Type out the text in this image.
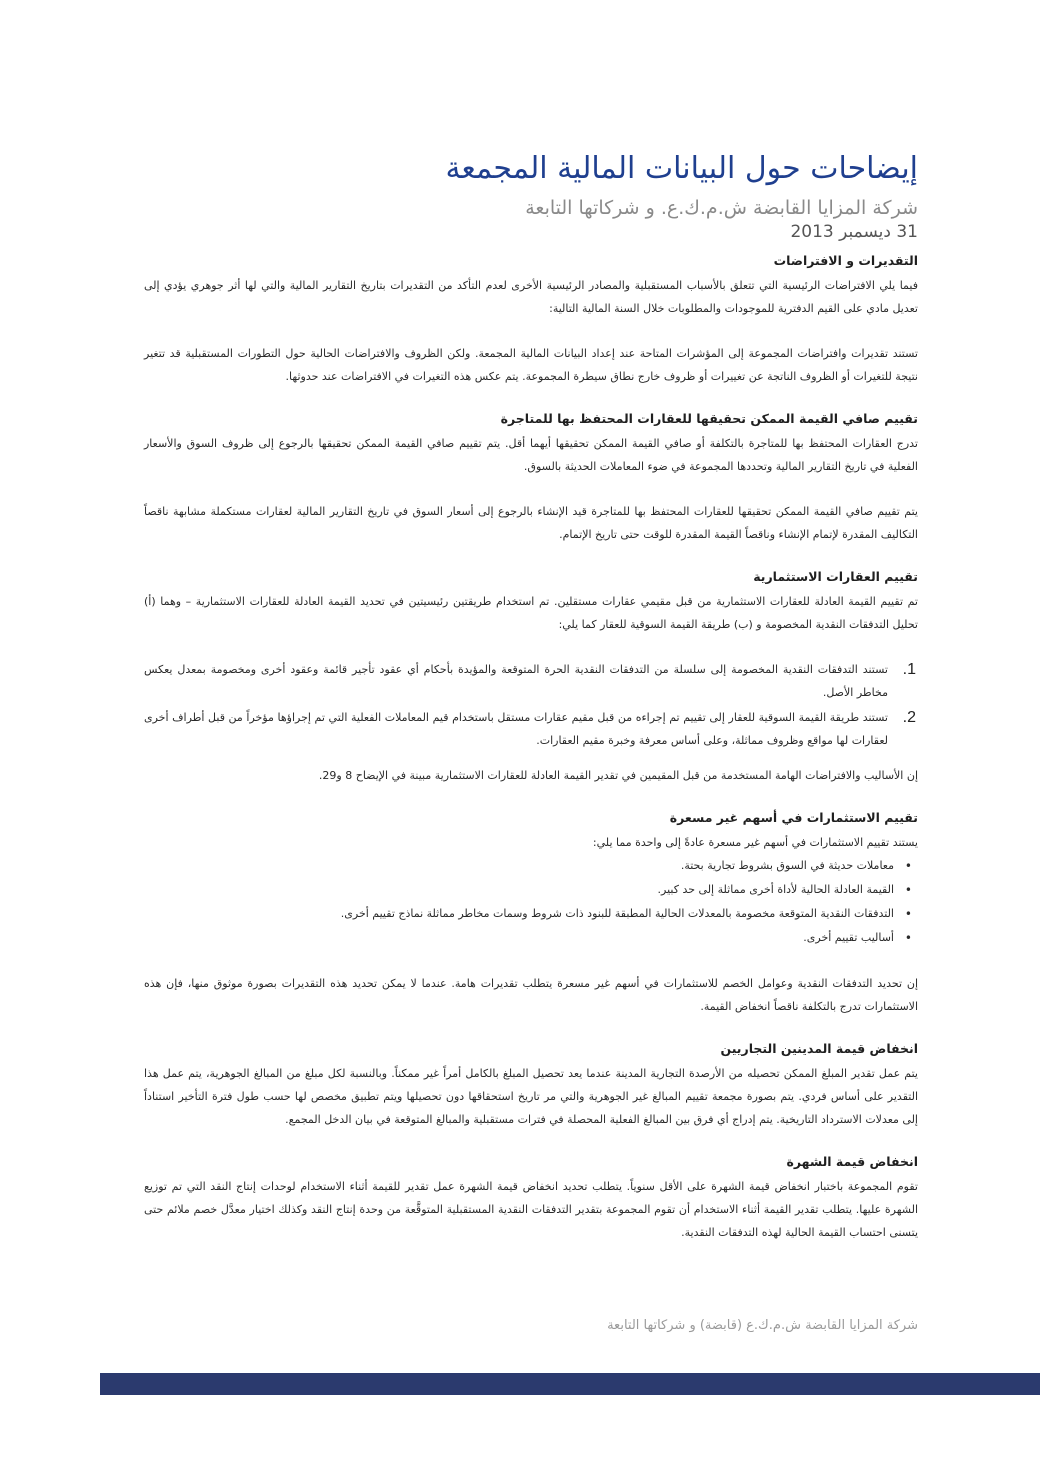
إيضاحات حول البيانات المالية المجمعة

شركة المزايا القابضة ش.م.ك.ع. و شركاتها التابعة

31 ديسمبر 2013

التقديرات و الافتراضات

فيما يلي الافتراضات الرئيسية التي تتعلق بالأسباب المستقبلية والمصادر الرئيسية الأخرى لعدم التأكد من التقديرات بتاريخ التقارير المالية والتي لها أثر جوهري يؤدي إلى تعديل مادي على القيم الدفترية للموجودات والمطلوبات خلال السنة المالية التالية:

تستند تقديرات وافتراضات المجموعة إلى المؤشرات المتاحة عند إعداد البيانات المالية المجمعة. ولكن الظروف والافتراضات الحالية حول التطورات المستقبلية قد تتغير نتيجة للتغيرات أو الظروف الناتجة عن تغييرات أو ظروف خارج نطاق سيطرة المجموعة. يتم عكس هذه التغيرات في الافتراضات عند حدوثها.

تقييم صافي القيمة الممكن تحقيقها للعقارات المحتفظ بها للمتاجرة

تدرج العقارات المحتفظ بها للمتاجرة بالتكلفة أو صافي القيمة الممكن تحقيقها أيهما أقل. يتم تقييم صافي القيمة الممكن تحقيقها بالرجوع إلى ظروف السوق والأسعار الفعلية في تاريخ التقارير المالية وتحددها المجموعة في ضوء المعاملات الحديثة بالسوق.

يتم تقييم صافي القيمة الممكن تحقيقها للعقارات المحتفظ بها للمتاجرة قيد الإنشاء بالرجوع إلى أسعار السوق في تاريخ التقارير المالية لعقارات مستكملة مشابهة ناقصاً التكاليف المقدرة لإتمام الإنشاء وناقصاً القيمة المقدرة للوقت حتى تاريخ الإتمام.

تقييم العقارات الاستثمارية

تم تقييم القيمة العادلة للعقارات الاستثمارية من قبل مقيمي عقارات مستقلين. تم استخدام طريقتين رئيسيتين في تحديد القيمة العادلة للعقارات الاستثمارية – وهما (أ) تحليل التدفقات النقدية المخصومة و (ب) طريقة القيمة السوقية للعقار كما يلي:

1.
تستند التدفقات النقدية المخصومة إلى سلسلة من التدفقات النقدية الحرة المتوقعة والمؤيدة بأحكام أي عقود تأجير قائمة وعقود أخرى ومخصومة بمعدل يعكس مخاطر الأصل.
2.
تستند طريقة القيمة السوقية للعقار إلى تقييم تم إجراءه من قبل مقيم عقارات مستقل باستخدام قيم المعاملات الفعلية التي تم إجراؤها مؤخراً من قبل أطراف أخرى لعقارات لها مواقع وظروف مماثلة، وعلى أساس معرفة وخبرة مقيم العقارات.

إن الأساليب والافتراضات الهامة المستخدمة من قبل المقيمين في تقدير القيمة العادلة للعقارات الاستثمارية مبينة في الإيضاح 8 و29.

تقييم الاستثمارات في أسهم غير مسعرة

يستند تقييم الاستثمارات في أسهم غير مسعرة عادةً إلى واحدة مما يلي:

•
معاملات حديثة في السوق بشروط تجارية بحتة.
•
القيمة العادلة الحالية لأداة أخرى مماثلة إلى حد كبير.
•
التدفقات النقدية المتوقعة مخصومة بالمعدلات الحالية المطبقة للبنود ذات شروط وسمات مخاطر مماثلة نماذج تقييم أخرى.
•
أساليب تقييم أخرى.

إن تحديد التدفقات النقدية وعوامل الخصم للاستثمارات في أسهم غير مسعرة يتطلب تقديرات هامة. عندما لا يمكن تحديد هذه التقديرات بصورة موثوق منها، فإن هذه الاستثمارات تدرج بالتكلفة ناقصاً انخفاض القيمة.

انخفاض قيمة المدينين التجاريين

يتم عمل تقدير المبلغ الممكن تحصيله من الأرصدة التجارية المدينة عندما يعد تحصيل المبلغ بالكامل أمراً غير ممكناً. وبالنسبة لكل مبلغ من المبالغ الجوهرية، يتم عمل هذا التقدير على أساس فردي. يتم بصورة مجمعة تقييم المبالغ غير الجوهرية والتي مر تاريخ استحقاقها دون تحصيلها ويتم تطبيق مخصص لها حسب طول فترة التأخير استناداً إلى معدلات الاسترداد التاريخية. يتم إدراج أي فرق بين المبالغ الفعلية المحصلة في فترات مستقبلية والمبالغ المتوقعة في بيان الدخل المجمع.

انخفاض قيمة الشهرة

تقوم المجموعة باختبار انخفاض قيمة الشهرة على الأقل سنوياً. يتطلب تحديد انخفاض قيمة الشهرة عمل تقدير للقيمة أثناء الاستخدام لوحدات إنتاج النقد التي تم توزيع الشهرة عليها. يتطلب تقدير القيمة أثناء الاستخدام أن تقوم المجموعة بتقدير التدفقات النقدية المستقبلية المتوقَّعة من وحدة إنتاج النقد وكذلك اختيار معدَّل خصم ملائم حتى يتسنى احتساب القيمة الحالية لهذه التدفقات النقدية.

شركة المزايا القابضة ش.م.ك.ع (قابضة) و شركاتها التابعة
